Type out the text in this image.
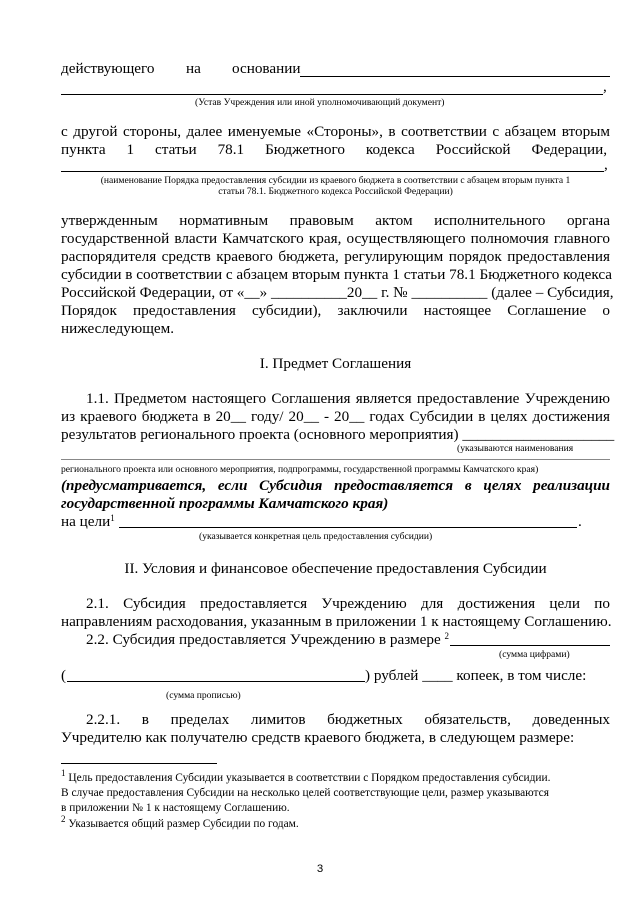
действующего на основании
,
(Устав Учреждения или иной уполномочивающий документ)
с другой стороны, далее именуемые «Стороны», в соответствии с абзацем вторым
пункта 1 статьи 78.1 Бюджетного кодекса Российской Федерации,
,
(наименование Порядка предоставления субсидии из краевого бюджета в соответствии с абзацем вторым пункта 1
статьи 78.1. Бюджетного кодекса Российской Федерации)
утвержденным нормативным правовым актом исполнительного органа
государственной власти Камчатского края, осуществляющего полномочия главного
распорядителя средств краевого бюджета, регулирующим порядок предоставления
субсидии в соответствии с абзацем вторым пункта 1 статьи 78.1 Бюджетного кодекса
Российской Федерации, от «__» __________20__ г. № __________ (далее – Субсидия,
Порядок предоставления субсидии), заключили настоящее Соглашение о
нижеследующем.
I. Предмет Соглашения
1.1. Предметом настоящего Соглашения является предоставление Учреждению
из краевого бюджета в 20__ году/ 20__ - 20__ годах Субсидии в целях достижения
результатов регионального проекта (основного мероприятия) ____________________
(указываются наименования
регионального проекта или основного мероприятия, подпрограммы, государственной программы Камчатского края)
(предусматривается, если Субсидия предоставляется в целях реализации
государственной программы Камчатского края)
на цели$^1$	.
(указывается конкретная цель предоставления субсидии)
II. Условия и финансовое обеспечение предоставления Субсидии
2.1. Субсидия предоставляется Учреждению для достижения цели по
направлениям расходования, указанным в приложении 1 к настоящему Соглашению.
2.2. Субсидия предоставляется Учреждению в размере $^2$
(сумма цифрами)
(	) рублей ____ копеек, в том числе:
(сумма прописью)
2.2.1. в пределах лимитов бюджетных обязательств, доведенных
Учредителю как получателю средств краевого бюджета, в следующем размере:
$^1$ Цель предоставления Субсидии указывается в соответствии с Порядком предоставления субсидии.
В случае предоставления Субсидии на несколько целей соответствующие цели, размер указываются
в приложении № 1 к настоящему Соглашению.
$^2$ Указывается общий размер Субсидии по годам.
3
